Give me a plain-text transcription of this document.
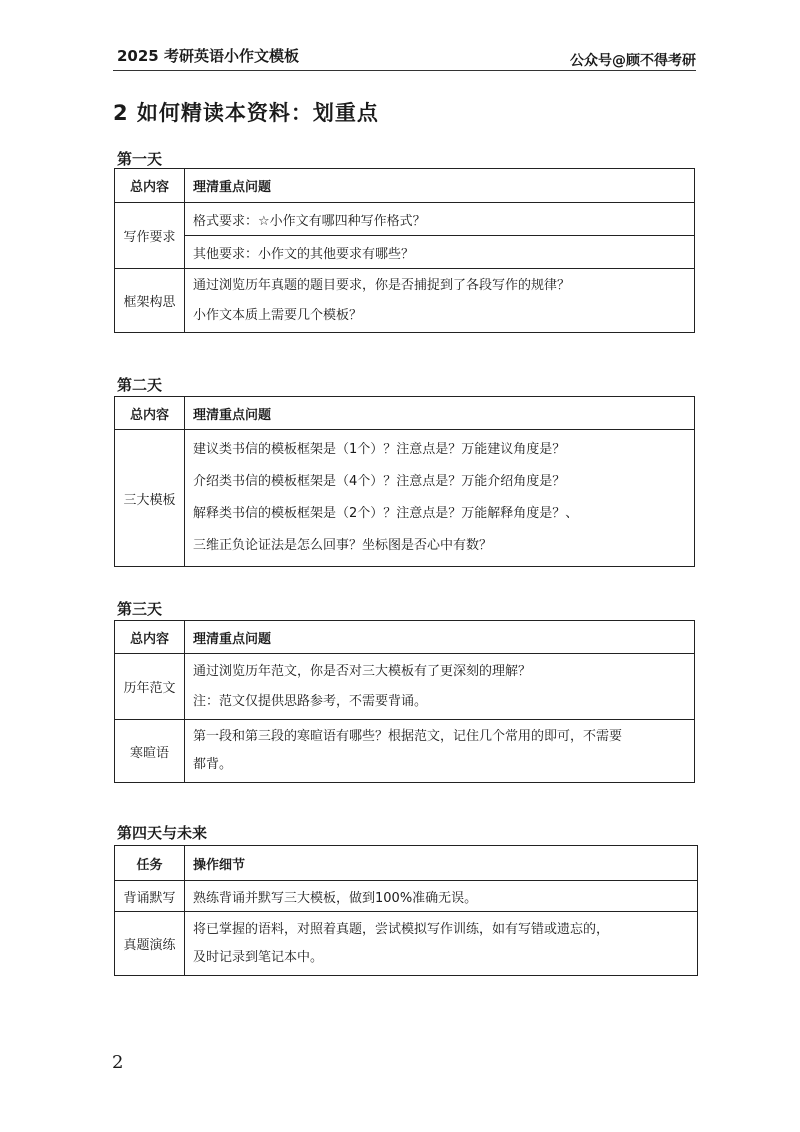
2025 考研英语小作文模板	公众号@顾不得考研
2 如何精读本资料：划重点
第一天
总内容	理清重点问题
写作要求	格式要求：☆小作文有哪四种写作格式？
	其他要求：小作文的其他要求有哪些？
框架构思	通过浏览历年真题的题目要求，你是否捕捉到了各段写作的规律？
小作文本质上需要几个模板？
第二天
总内容	理清重点问题
三大模板	建议类书信的模板框架是（1个）？注意点是？万能建议角度是？
介绍类书信的模板框架是（4个）？注意点是？万能介绍角度是？
解释类书信的模板框架是（2个）？注意点是？万能解释角度是？、
三维正负论证法是怎么回事？坐标图是否心中有数？
第三天
总内容	理清重点问题
历年范文	通过浏览历年范文，你是否对三大模板有了更深刻的理解？
注：范文仅提供思路参考，不需要背诵。

寒暄语	第一段和第三段的寒暄语有哪些？根据范文，记住几个常用的即可，不需要
都背。
第四天与未来
任务	操作细节
背诵默写	熟练背诵并默写三大模板，做到100%准确无误。
真题演练	将已掌握的语料，对照着真题，尝试模拟写作训练，如有写错或遗忘的，
及时记录到笔记本中。
2
